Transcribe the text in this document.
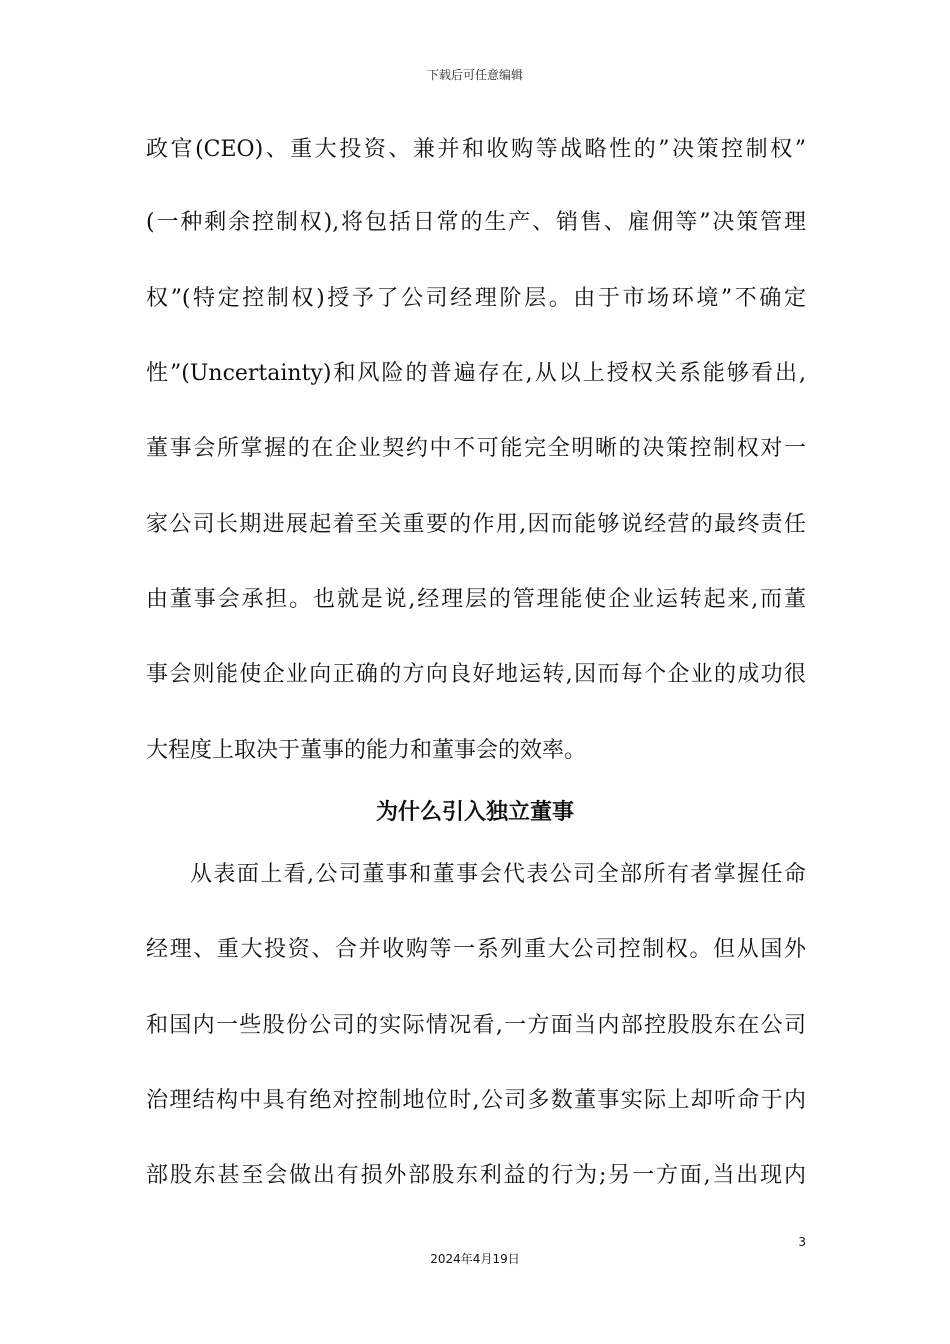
下载后可任意编辑
政官(CEO)、重大投资、兼并和收购等战略性的”决策控制权”
(一种剩余控制权),将包括日常的生产、销售、雇佣等”决策管理
权”(特定控制权)授予了公司经理阶层。由于市场环境”不确定
性”(Uncertainty)和风险的普遍存在,从以上授权关系能够看出,
董事会所掌握的在企业契约中不可能完全明晰的决策控制权对一
家公司长期进展起着至关重要的作用,因而能够说经营的最终责任
由董事会承担。也就是说,经理层的管理能使企业运转起来,而董
事会则能使企业向正确的方向良好地运转,因而每个企业的成功很
大程度上取决于董事的能力和董事会的效率。
为什么引入独立董事
从表面上看,公司董事和董事会代表公司全部所有者掌握任命
经理、重大投资、合并收购等一系列重大公司控制权。但从国外
和国内一些股份公司的实际情况看,一方面当内部控股股东在公司
治理结构中具有绝对控制地位时,公司多数董事实际上却听命于内
部股东甚至会做出有损外部股东利益的行为;另一方面,当出现内
3
2024年4月19日
